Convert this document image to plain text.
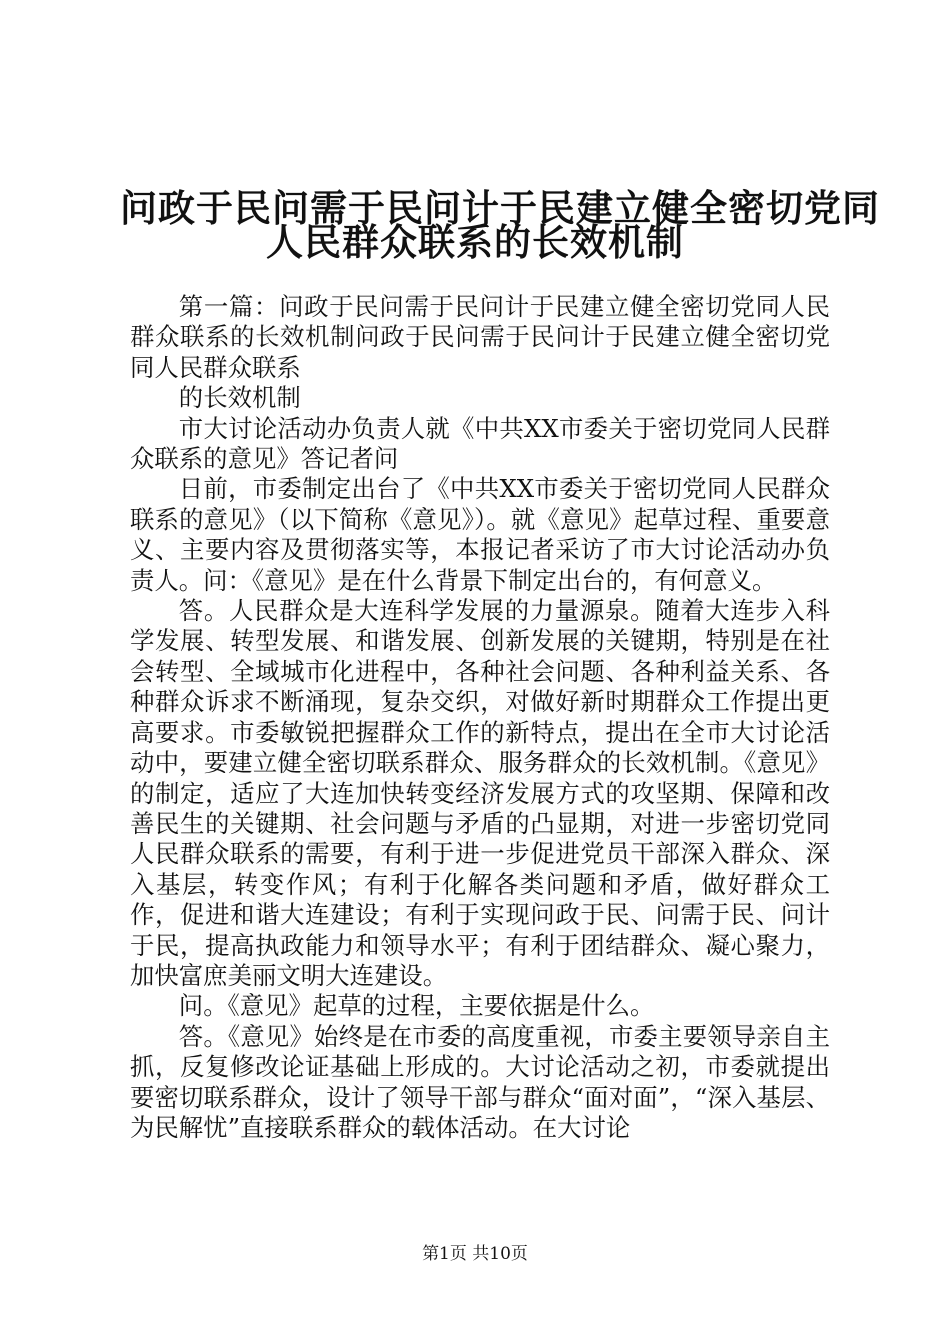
问政于民问需于民问计于民建立健全密切党同
人民群众联系的长效机制

第一篇：问政于民问需于民问计于民建立健全密切党同人民群众联系的长效机制问政于民问需于民问计于民建立健全密切党同人民群众联系

的长效机制

市大讨论活动办负责人就《中共XX市委关于密切党同人民群众联系的意见》答记者问

日前，市委制定出台了《中共XX市委关于密切党同人民群众联系的意见》（以下简称《意见》）。就《意见》起草过程、重要意义、主要内容及贯彻落实等，本报记者采访了市大讨论活动办负责人。问：《意见》是在什么背景下制定出台的，有何意义。

答。人民群众是大连科学发展的力量源泉。随着大连步入科学发展、转型发展、和谐发展、创新发展的关键期，特别是在社会转型、全域城市化进程中，各种社会问题、各种利益关系、各种群众诉求不断涌现，复杂交织，对做好新时期群众工作提出更高要求。市委敏锐把握群众工作的新特点，提出在全市大讨论活动中，要建立健全密切联系群众、服务群众的长效机制。《意见》的制定，适应了大连加快转变经济发展方式的攻坚期、保障和改善民生的关键期、社会问题与矛盾的凸显期，对进一步密切党同人民群众联系的需要，有利于进一步促进党员干部深入群众、深入基层，转变作风；有利于化解各类问题和矛盾，做好群众工作，促进和谐大连建设；有利于实现问政于民、问需于民、问计于民，提高执政能力和领导水平；有利于团结群众、凝心聚力，加快富庶美丽文明大连建设。

问。《意见》起草的过程，主要依据是什么。

答。《意见》始终是在市委的高度重视，市委主要领导亲自主抓，反复修改论证基础上形成的。大讨论活动之初，市委就提出要密切联系群众，设计了领导干部与群众“面对面”，“深入基层、为民解忧”直接联系群众的载体活动。在大讨论

第1页 共10页
